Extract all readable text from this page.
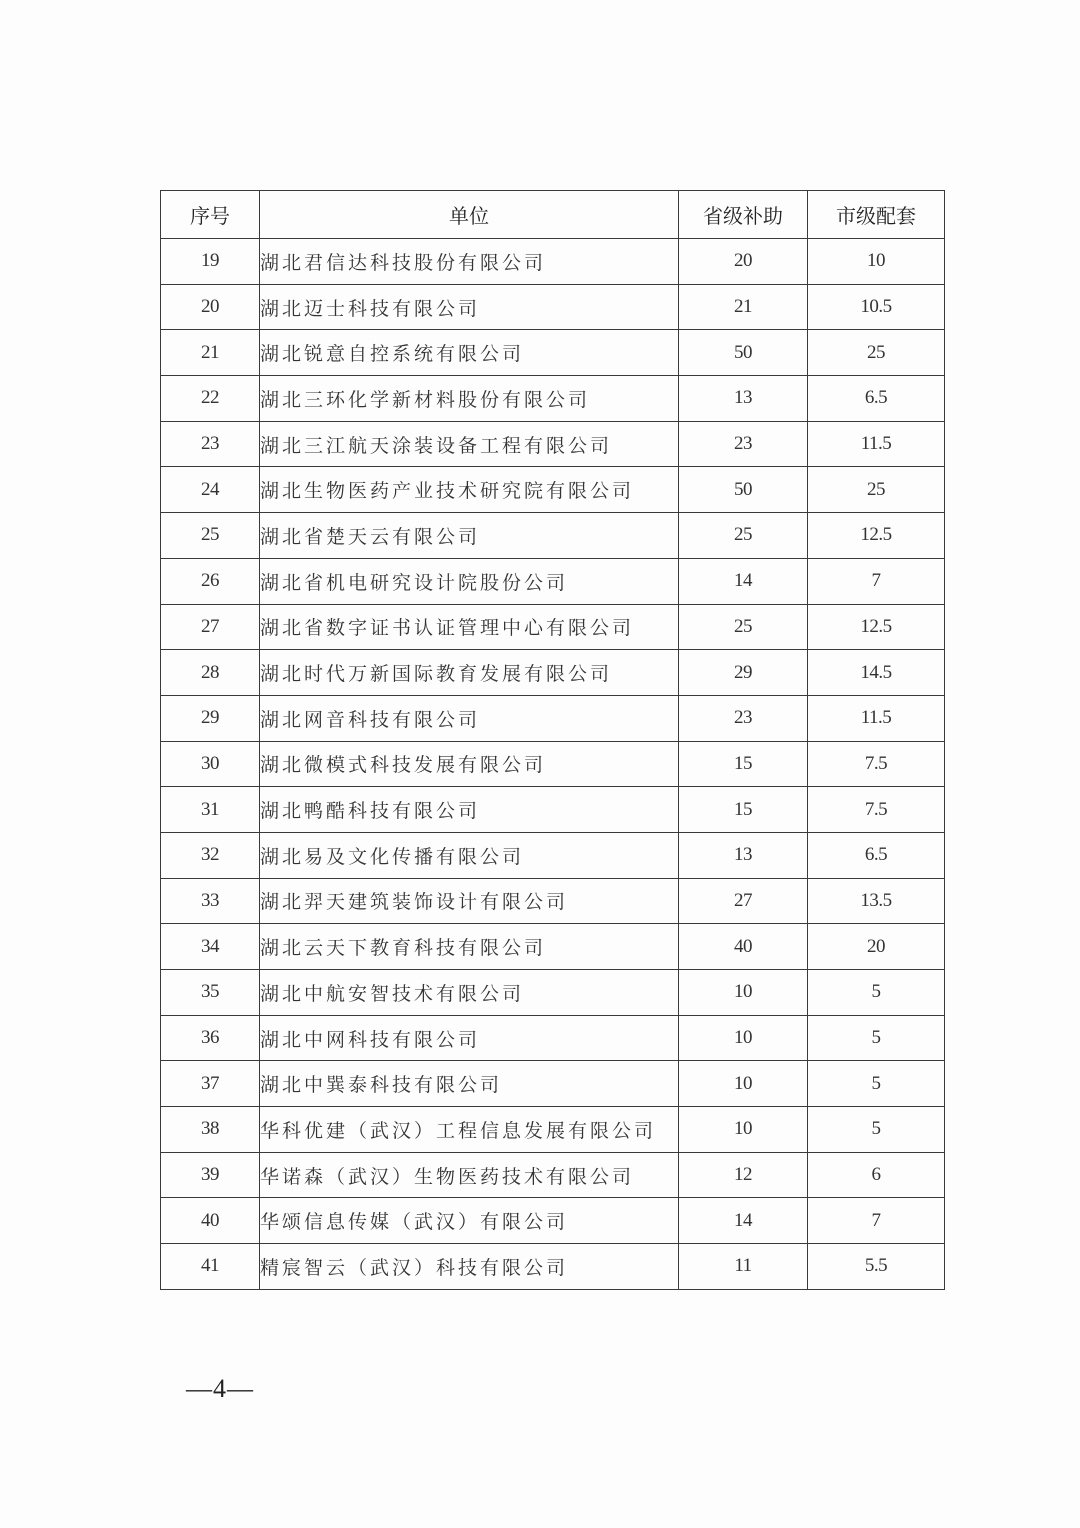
序号	单位	省级补助	市级配套
19	湖北君信达科技股份有限公司	20	10
20	湖北迈士科技有限公司	21	10.5
21	湖北锐意自控系统有限公司	50	25
22	湖北三环化学新材料股份有限公司	13	6.5
23	湖北三江航天涂装设备工程有限公司	23	11.5
24	湖北生物医药产业技术研究院有限公司	50	25
25	湖北省楚天云有限公司	25	12.5
26	湖北省机电研究设计院股份公司	14	7
27	湖北省数字证书认证管理中心有限公司	25	12.5
28	湖北时代万新国际教育发展有限公司	29	14.5
29	湖北网音科技有限公司	23	11.5
30	湖北微模式科技发展有限公司	15	7.5
31	湖北鸭酷科技有限公司	15	7.5
32	湖北易及文化传播有限公司	13	6.5
33	湖北羿天建筑装饰设计有限公司	27	13.5
34	湖北云天下教育科技有限公司	40	20
35	湖北中航安智技术有限公司	10	5
36	湖北中网科技有限公司	10	5
37	湖北中巽泰科技有限公司	10	5
38	华科优建（武汉）工程信息发展有限公司	10	5
39	华诺森（武汉）生物医药技术有限公司	12	6
40	华颂信息传媒（武汉）有限公司	14	7
41	精宸智云（武汉）科技有限公司	11	5.5
—4—
